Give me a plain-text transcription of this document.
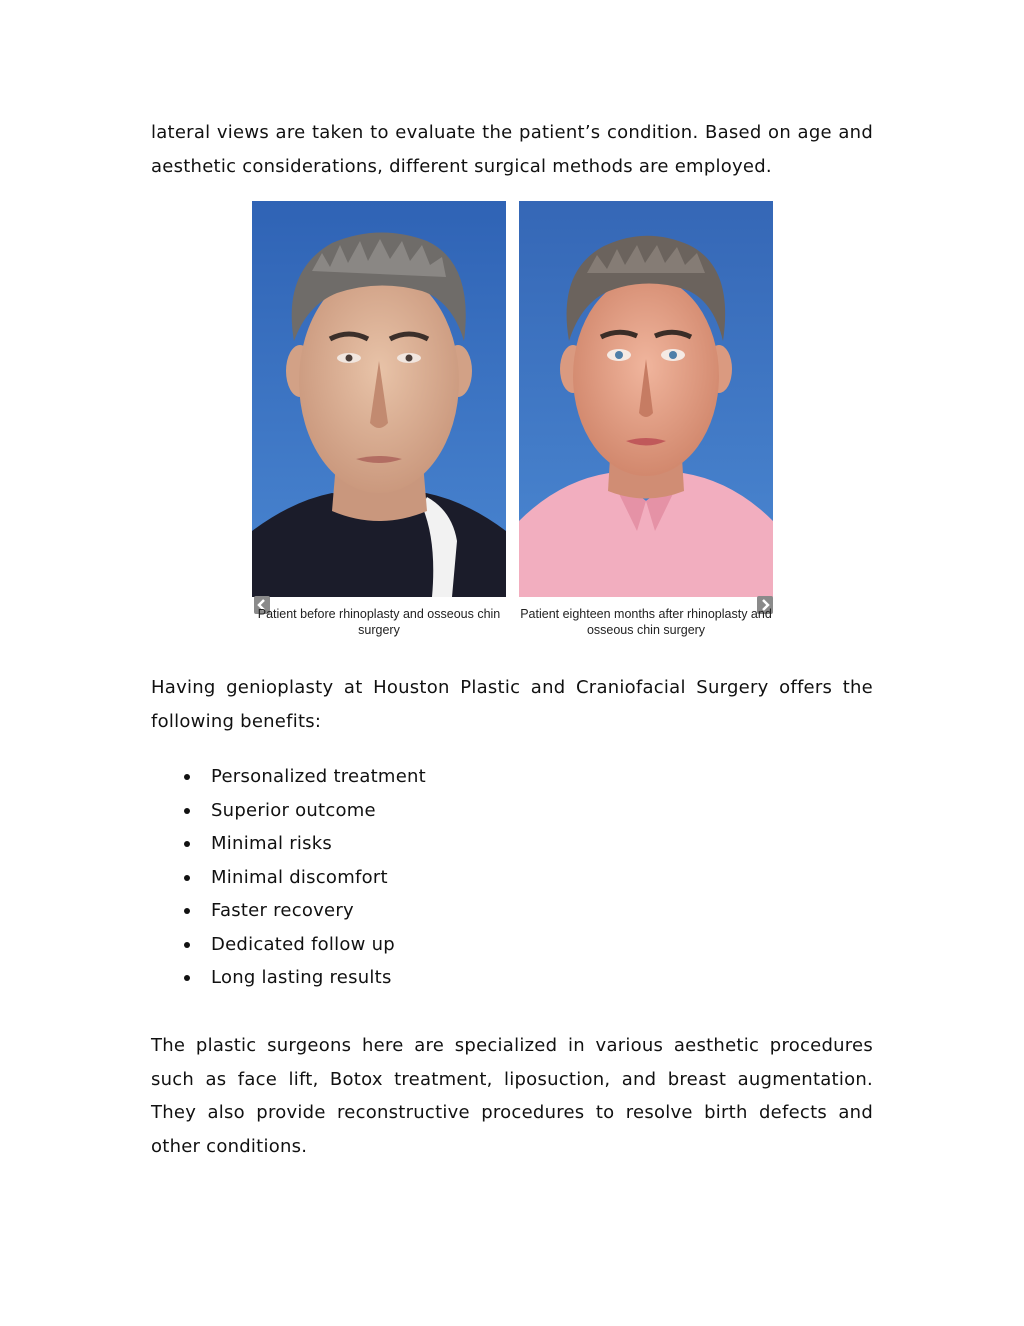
lateral views are taken to evaluate the patient’s condition. Based on age and aesthetic considerations, different surgical methods are employed.

Patient before rhinoplasty and osseous chin surgery
Patient eighteen months after rhinoplasty and osseous chin surgery

Having genioplasty at Houston Plastic and Craniofacial Surgery offers the following benefits:

Personalized treatment
Superior outcome
Minimal risks
Minimal discomfort
Faster recovery
Dedicated follow up
Long lasting results

The plastic surgeons here are specialized in various aesthetic procedures such as face lift, Botox treatment, liposuction, and breast augmentation. They also provide reconstructive procedures to resolve birth defects and other conditions.
